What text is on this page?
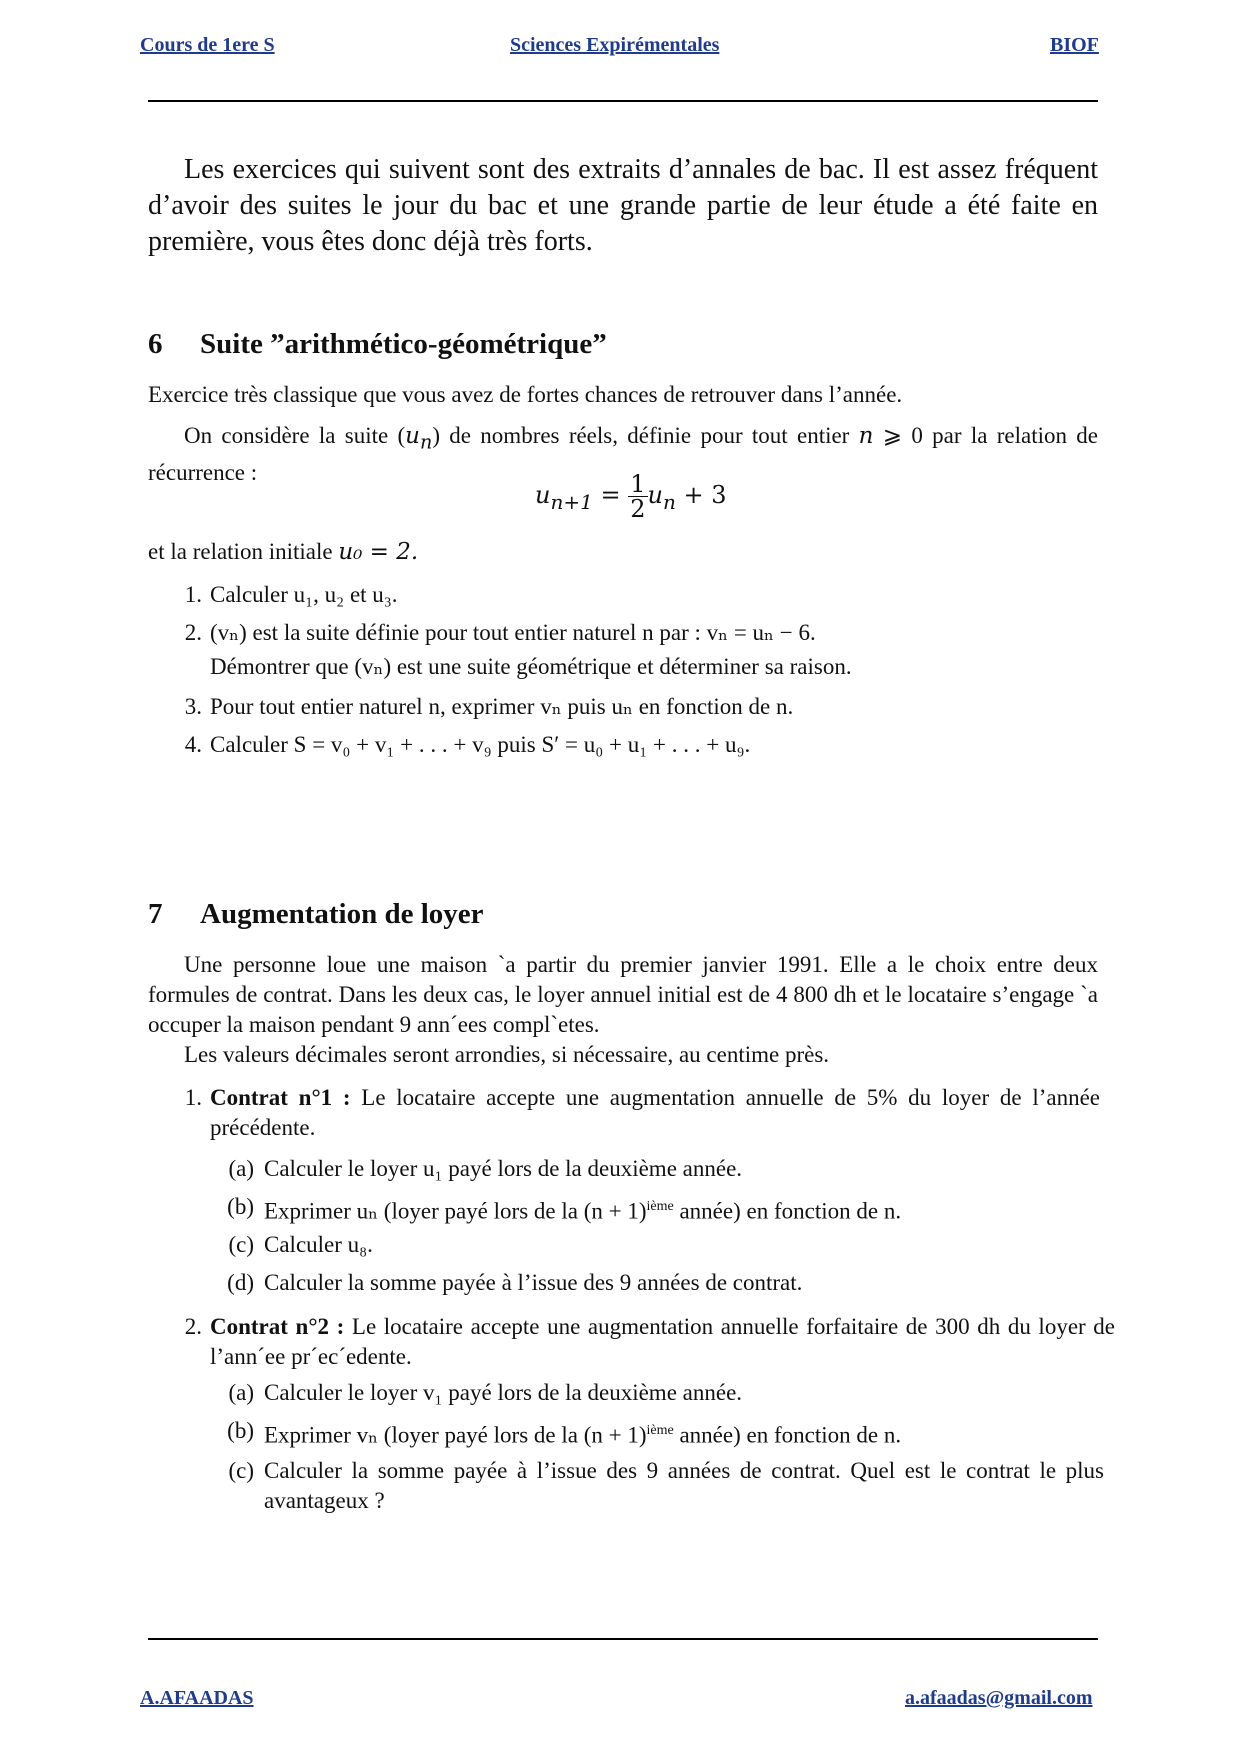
Cours de 1ere S	Sciences Expirémentales	BIOF
Les exercices qui suivent sont des extraits d’annales de bac. Il est assez fréquent d’avoir des suites le jour du bac et une grande partie de leur étude a été faite en première, vous êtes donc déjà très forts.
6 Suite ”arithmético-géométrique”
Exercice très classique que vous avez de fortes chances de retrouver dans l’année.
On considère la suite $(u_n)$ de nombres réels, définie pour tout entier n ⩾ 0 par la relation de récurrence :
$u_{n+1} = \frac{1}{2} u_n + 3$
et la relation initiale u₀ = 2.
1. Calculer u₁, u₂ et u₃.
2. (vₙ) est la suite définie pour tout entier naturel n par : vₙ = uₙ − 6.
Démontrer que (vₙ) est une suite géométrique et déterminer sa raison.
3. Pour tout entier naturel n, exprimer vₙ puis uₙ en fonction de n.
4. Calculer S = v₀ + v₁ + . . . + v₉ puis S′ = u₀ + u₁ + . . . + u₉.
7 Augmentation de loyer
Une personne loue une maison `a partir du premier janvier 1991. Elle a le choix entre deux formules de contrat. Dans les deux cas, le loyer annuel initial est de 4 800 dh et le locataire s’engage `a occuper la maison pendant 9 ann´ees compl`etes.
Les valeurs décimales seront arrondies, si nécessaire, au centime près.
1. Contrat n°1 : Le locataire accepte une augmentation annuelle de 5% du loyer de l’année précédente.
(a) Calculer le loyer u₁ payé lors de la deuxième année.
(b) Exprimer uₙ (loyer payé lors de la $(n + 1)^{ième}$ année) en fonction de n.
(c) Calculer u₈.
(d) Calculer la somme payée à l’issue des 9 années de contrat.
2. Contrat n°2 : Le locataire accepte une augmentation annuelle forfaitaire de 300 dh du loyer de l’ann´ee pr´ec´edente.
(a) Calculer le loyer v₁ payé lors de la deuxième année.
(b) Exprimer vₙ (loyer payé lors de la $(n + 1)^{ième}$ année) en fonction de n.
(c) Calculer la somme payée à l’issue des 9 années de contrat. Quel est le contrat le plus avantageux ?
A.AFAADAS	a.afaadas@gmail.com
